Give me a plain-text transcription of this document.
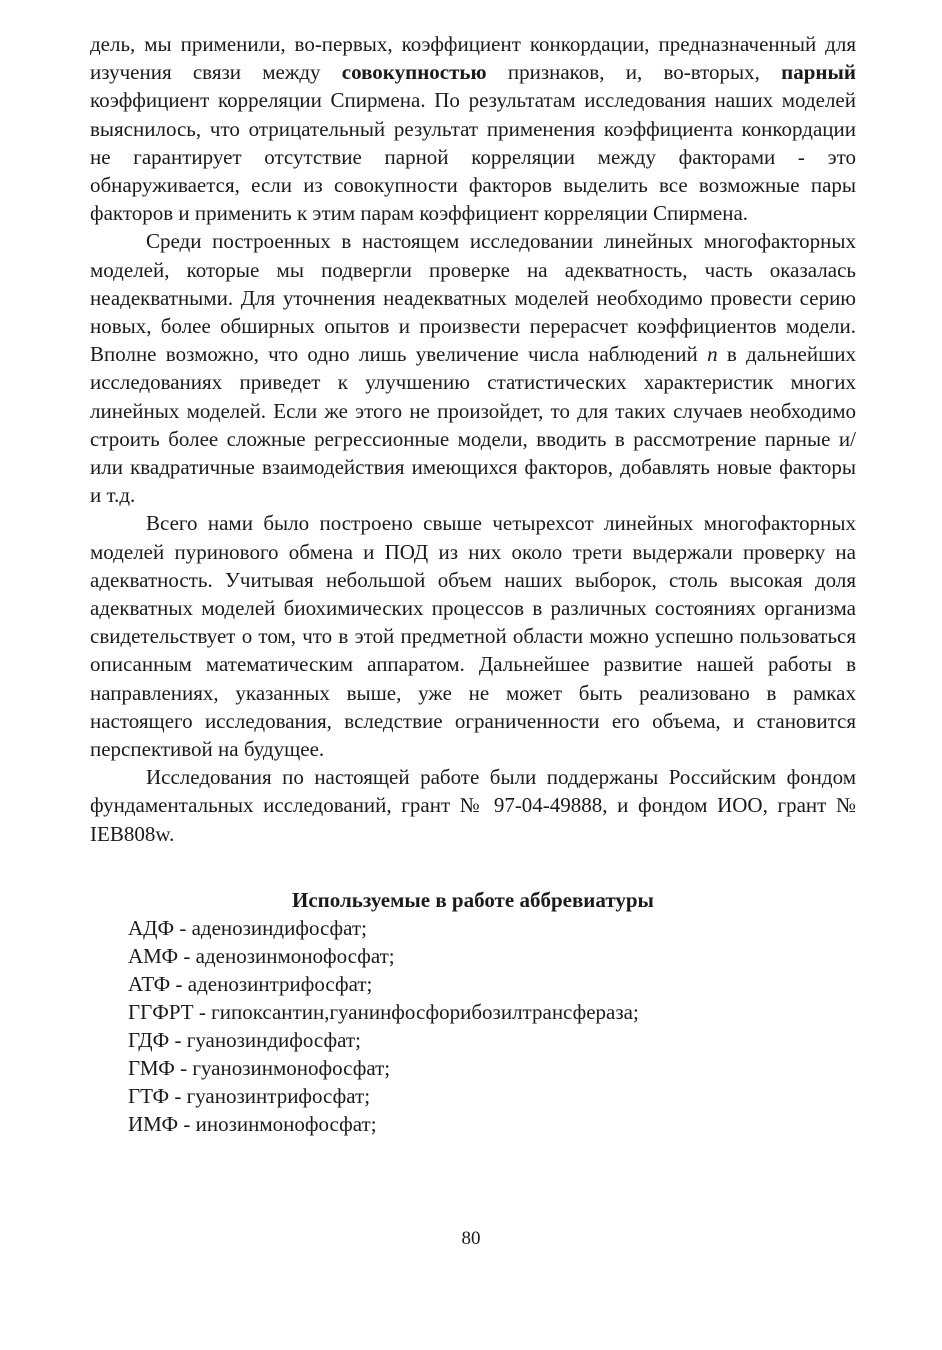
дель, мы применили, во-первых, коэффициент конкордации, предназначенный для изучения связи между совокупностью признаков, и, во-вторых, парный коэффициент корреляции Спирмена. По результатам исследования наших моделей выяснилось, что отрицательный результат применения коэффициента конкордации не гарантирует отсутствие парной корреляции между факторами - это обнаруживается, если из совокупности факторов выделить все возможные пары факторов и применить к этим парам коэффициент корреляции Спирмена.

Среди построенных в настоящем исследовании линейных многофакторных моделей, которые мы подвергли проверке на адекватность, часть оказалась неадекватными. Для уточнения неадекватных моделей необходимо провести серию новых, более обширных опытов и произвести перерасчет коэффициентов модели. Вполне возможно, что одно лишь увеличение числа наблюдений n в дальнейших исследованиях приведет к улучшению статистических характеристик многих линейных моделей. Если же этого не произойдет, то для таких случаев необходимо строить более сложные регрессионные модели, вводить в рассмотрение парные и/или квадратичные взаимодействия имеющихся факторов, добавлять новые факторы и т.д.

Всего нами было построено свыше четырехсот линейных многофакторных моделей пуринового обмена и ПОД из них около трети выдержали проверку на адекватность. Учитывая небольшой объем наших выборок, столь высокая доля адекватных моделей биохимических процессов в различных состояниях организма свидетельствует о том, что в этой предметной области можно успешно пользоваться описанным математическим аппаратом. Дальнейшее развитие нашей работы в направлениях, указанных выше, уже не может быть реализовано в рамках настоящего исследования, вследствие ограниченности его объема, и становится перспективой на будущее.

Исследования по настоящей работе были поддержаны Российским фондом фундаментальных исследований, грант № 97-04-49888, и фондом ИОО, грант № IEB808w.

Используемые в работе аббревиатуры
АДФ - аденозиндифосфат;
АМФ - аденозинмонофосфат;
АТФ - аденозинтрифосфат;
ГГФРТ - гипоксантин,гуанинфосфорибозилтрансфераза;
ГДФ - гуанозиндифосфат;
ГМФ - гуанозинмонофосфат;
ГТФ - гуанозинтрифосфат;
ИМФ - инозинмонофосфат;
80
